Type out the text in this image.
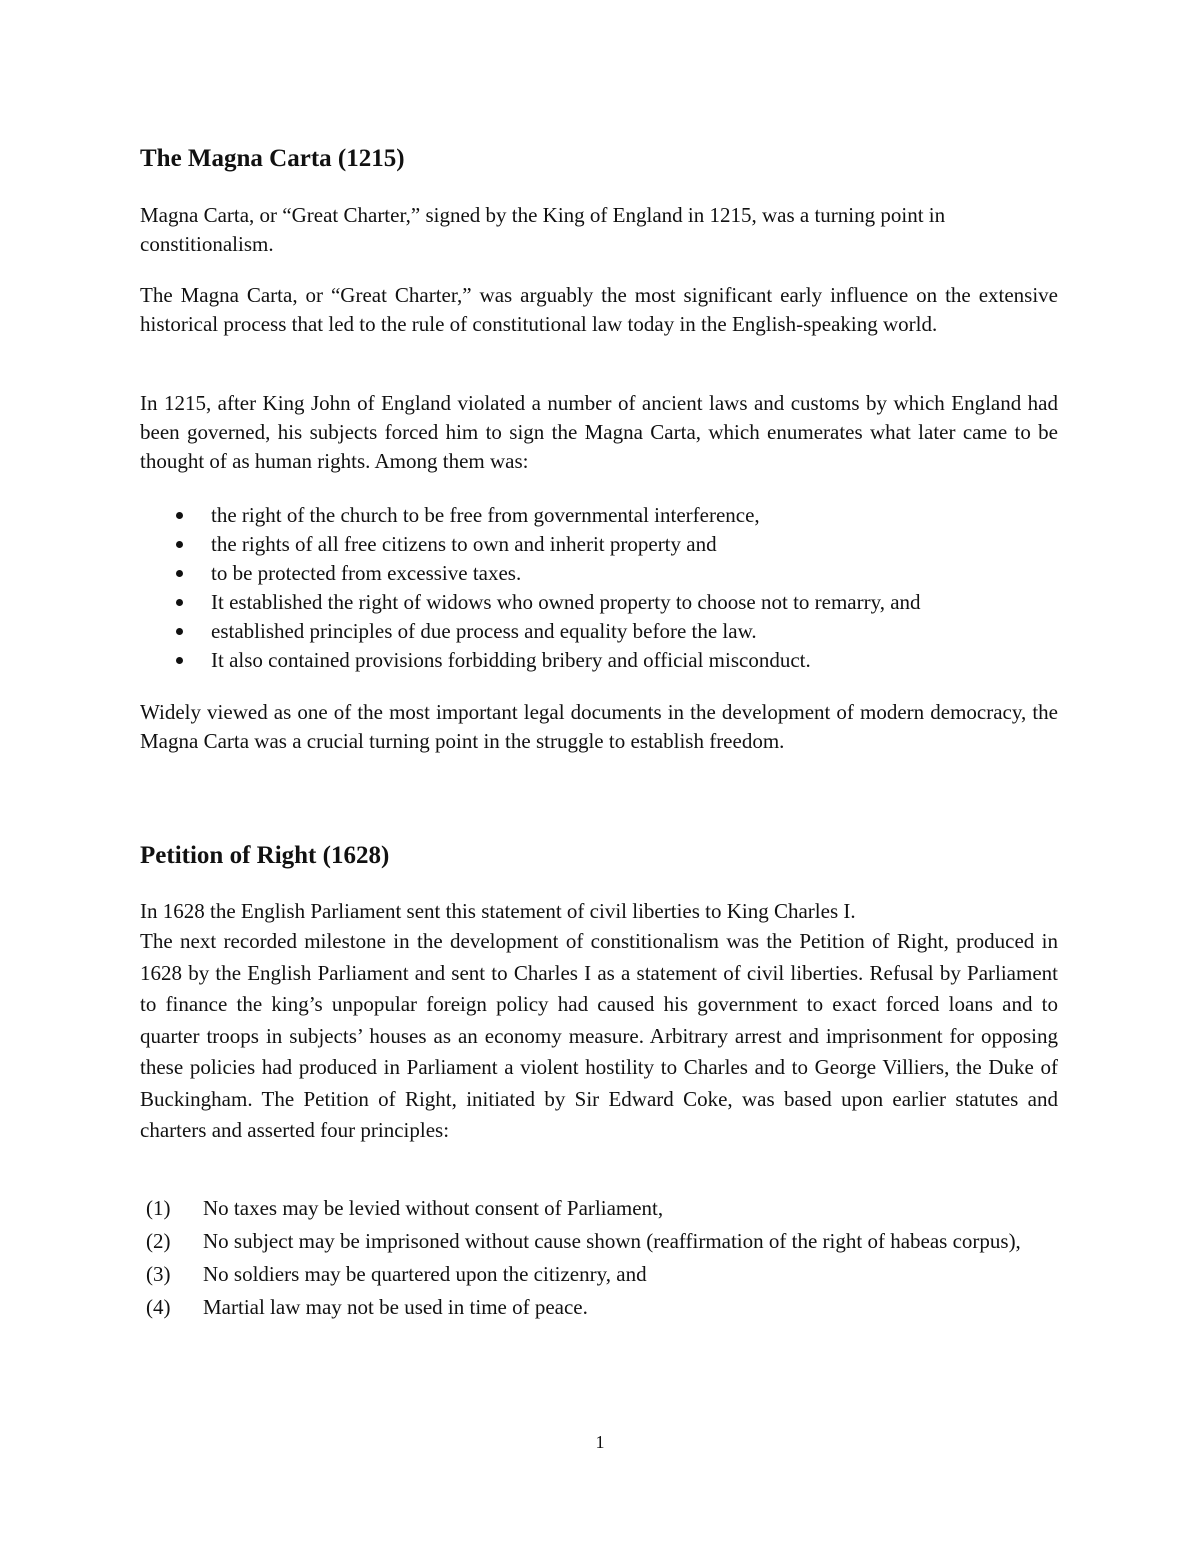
The Magna Carta (1215)

Magna Carta, or “Great Charter,” signed by the King of England in 1215, was a turning point in constitionalism.

The Magna Carta, or “Great Charter,” was arguably the most significant early influence on the extensive historical process that led to the rule of constitutional law today in the English-speaking world.

In 1215, after King John of England violated a number of ancient laws and customs by which England had been governed, his subjects forced him to sign the Magna Carta, which enumerates what later came to be thought of as human rights. Among them was:

the right of the church to be free from governmental interference,
the rights of all free citizens to own and inherit property and
to be protected from excessive taxes.
It established the right of widows who owned property to choose not to remarry, and
established principles of due process and equality before the law.
It also contained provisions forbidding bribery and official misconduct.

Widely viewed as one of the most important legal documents in the development of modern democracy, the Magna Carta was a crucial turning point in the struggle to establish freedom.

Petition of Right (1628)

In 1628 the English Parliament sent this statement of civil liberties to King Charles I.

The next recorded milestone in the development of constitionalism was the Petition of Right, produced in 1628 by the English Parliament and sent to Charles I as a statement of civil liberties. Refusal by Parliament to finance the king’s unpopular foreign policy had caused his government to exact forced loans and to quarter troops in subjects’ houses as an economy measure. Arbitrary arrest and imprisonment for opposing these policies had produced in Parliament a violent hostility to Charles and to George Villiers, the Duke of Buckingham. The Petition of Right, initiated by Sir Edward Coke, was based upon earlier statutes and charters and asserted four principles:

(1) No taxes may be levied without consent of Parliament,
(2) No subject may be imprisoned without cause shown (reaffirmation of the right of habeas corpus),
(3) No soldiers may be quartered upon the citizenry, and
(4) Martial law may not be used in time of peace.
1
